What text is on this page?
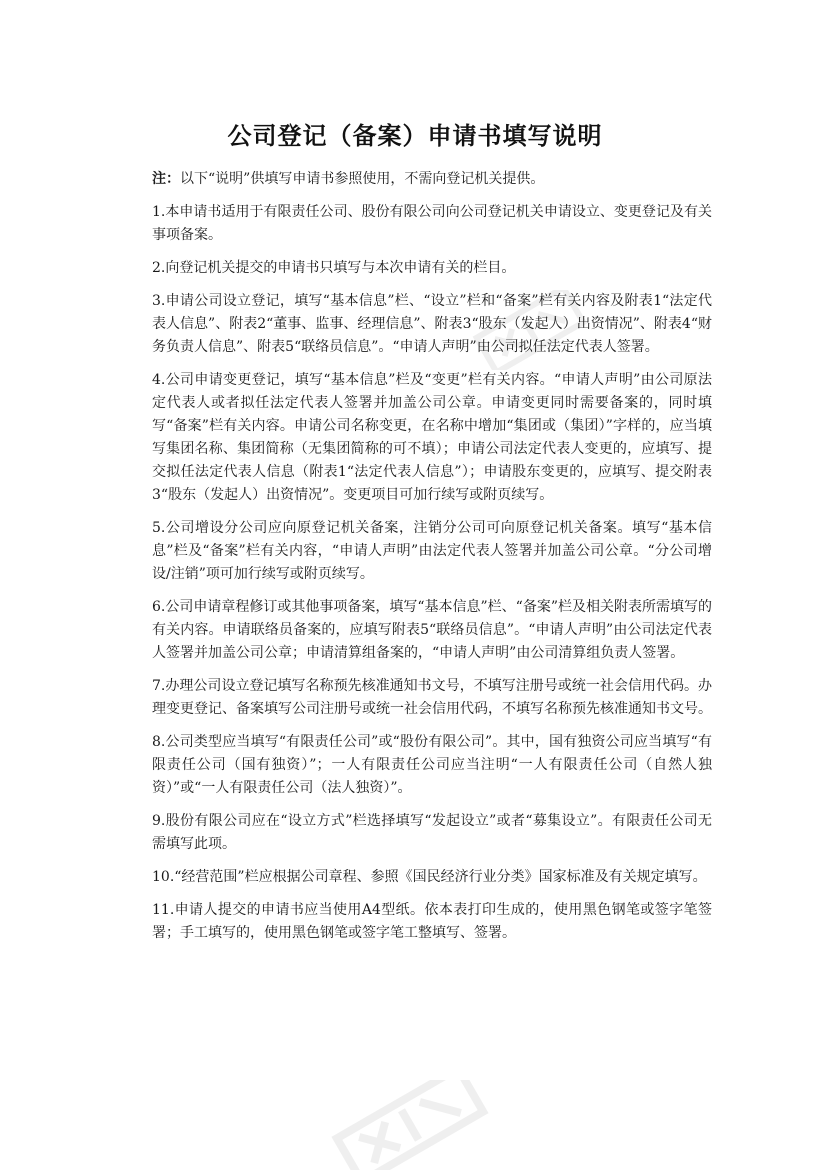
公司登记（备案）申请书填写说明

注：以下“说明”供填写申请书参照使用，不需向登记机关提供。

1.本申请书适用于有限责任公司、股份有限公司向公司登记机关申请设立、变更登记及有关事项备案。

2.向登记机关提交的申请书只填写与本次申请有关的栏目。

3.申请公司设立登记，填写“基本信息”栏、“设立”栏和“备案”栏有关内容及附表1“法定代表人信息”、附表2“董事、监事、经理信息”、附表3“股东（发起人）出资情况”、附表4“财务负责人信息”、附表5“联络员信息”。“申请人声明”由公司拟任法定代表人签署。

4.公司申请变更登记，填写“基本信息”栏及“变更”栏有关内容。“申请人声明”由公司原法定代表人或者拟任法定代表人签署并加盖公司公章。申请变更同时需要备案的，同时填写“备案”栏有关内容。申请公司名称变更，在名称中增加“集团或（集团）”字样的，应当填写集团名称、集团简称（无集团简称的可不填）；申请公司法定代表人变更的，应填写、提交拟任法定代表人信息（附表1“法定代表人信息”）；申请股东变更的，应填写、提交附表3“股东（发起人）出资情况”。变更项目可加行续写或附页续写。

5.公司增设分公司应向原登记机关备案，注销分公司可向原登记机关备案。填写“基本信息”栏及“备案”栏有关内容，“申请人声明”由法定代表人签署并加盖公司公章。“分公司增设/注销”项可加行续写或附页续写。

6.公司申请章程修订或其他事项备案，填写“基本信息”栏、“备案”栏及相关附表所需填写的有关内容。申请联络员备案的，应填写附表5“联络员信息”。“申请人声明”由公司法定代表人签署并加盖公司公章；申请清算组备案的，“申请人声明”由公司清算组负责人签署。

7.办理公司设立登记填写名称预先核准通知书文号，不填写注册号或统一社会信用代码。办理变更登记、备案填写公司注册号或统一社会信用代码，不填写名称预先核准通知书文号。

8.公司类型应当填写“有限责任公司”或“股份有限公司”。其中，国有独资公司应当填写“有限责任公司（国有独资）”；一人有限责任公司应当注明“一人有限责任公司（自然人独资）”或“一人有限责任公司（法人独资）”。

9.股份有限公司应在“设立方式”栏选择填写“发起设立”或者“募集设立”。有限责任公司无需填写此项。

10.“经营范围”栏应根据公司章程、参照《国民经济行业分类》国家标准及有关规定填写。

11.申请人提交的申请书应当使用A4型纸。依本表打印生成的，使用黑色钢笔或签字笔签署；手工填写的，使用黑色钢笔或签字笔工整填写、签署。
